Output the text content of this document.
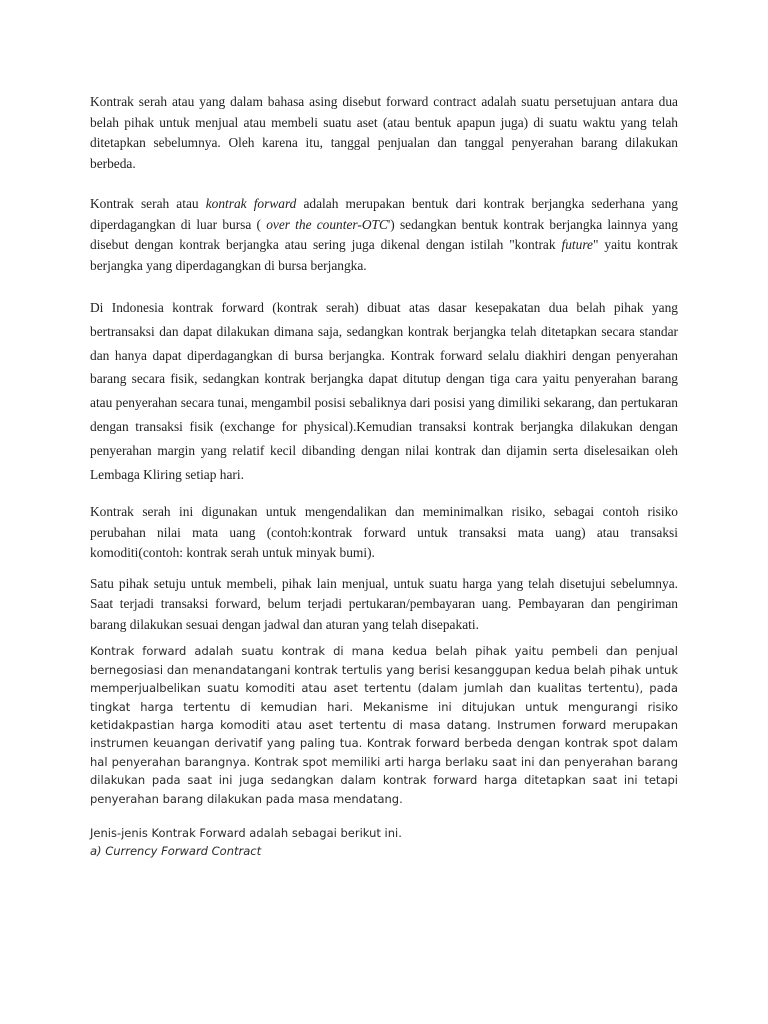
Kontrak serah atau yang dalam bahasa asing disebut forward contract adalah suatu persetujuan antara dua belah pihak untuk menjual atau membeli suatu aset (atau bentuk apapun juga) di suatu waktu yang telah ditetapkan sebelumnya. Oleh karena itu, tanggal penjualan dan tanggal penyerahan barang dilakukan berbeda.

Kontrak serah atau kontrak forward adalah merupakan bentuk dari kontrak berjangka sederhana yang diperdagangkan di luar bursa ( over the counter-OTC') sedangkan bentuk kontrak berjangka lainnya yang disebut dengan kontrak berjangka atau sering juga dikenal dengan istilah "kontrak future" yaitu kontrak berjangka yang diperdagangkan di bursa berjangka.

Di Indonesia kontrak forward (kontrak serah) dibuat atas dasar kesepakatan dua belah pihak yang bertransaksi dan dapat dilakukan dimana saja, sedangkan kontrak berjangka telah ditetapkan secara standar dan hanya dapat diperdagangkan di bursa berjangka. Kontrak forward selalu diakhiri dengan penyerahan barang secara fisik, sedangkan kontrak berjangka dapat ditutup dengan tiga cara yaitu penyerahan barang atau penyerahan secara tunai, mengambil posisi sebaliknya dari posisi yang dimiliki sekarang, dan pertukaran dengan transaksi fisik (exchange for physical).Kemudian transaksi kontrak berjangka dilakukan dengan penyerahan margin yang relatif kecil dibanding dengan nilai kontrak dan dijamin serta diselesaikan oleh Lembaga Kliring setiap hari.

Kontrak serah ini digunakan untuk mengendalikan dan meminimalkan risiko, sebagai contoh risiko perubahan nilai mata uang (contoh:kontrak forward untuk transaksi mata uang) atau transaksi komoditi(contoh: kontrak serah untuk minyak bumi).

Satu pihak setuju untuk membeli, pihak lain menjual, untuk suatu harga yang telah disetujui sebelumnya. Saat terjadi transaksi forward, belum terjadi pertukaran/pembayaran uang. Pembayaran dan pengiriman barang dilakukan sesuai dengan jadwal dan aturan yang telah disepakati.

Kontrak forward adalah suatu kontrak di mana kedua belah pihak yaitu pembeli dan penjual bernegosiasi dan menandatangani kontrak tertulis yang berisi kesanggupan kedua belah pihak untuk memperjualbelikan suatu komoditi atau aset tertentu (dalam jumlah dan kualitas tertentu), pada tingkat harga tertentu di kemudian hari. Mekanisme ini ditujukan untuk mengurangi risiko ketidakpastian harga komoditi atau aset tertentu di masa datang. Instrumen forward merupakan instrumen keuangan derivatif yang paling tua. Kontrak forward berbeda dengan kontrak spot dalam hal penyerahan barangnya. Kontrak spot memiliki arti harga berlaku saat ini dan penyerahan barang dilakukan pada saat ini juga sedangkan dalam kontrak forward harga ditetapkan saat ini tetapi penyerahan barang dilakukan pada masa mendatang.

Jenis-jenis Kontrak Forward adalah sebagai berikut ini.

a) Currency Forward Contract
